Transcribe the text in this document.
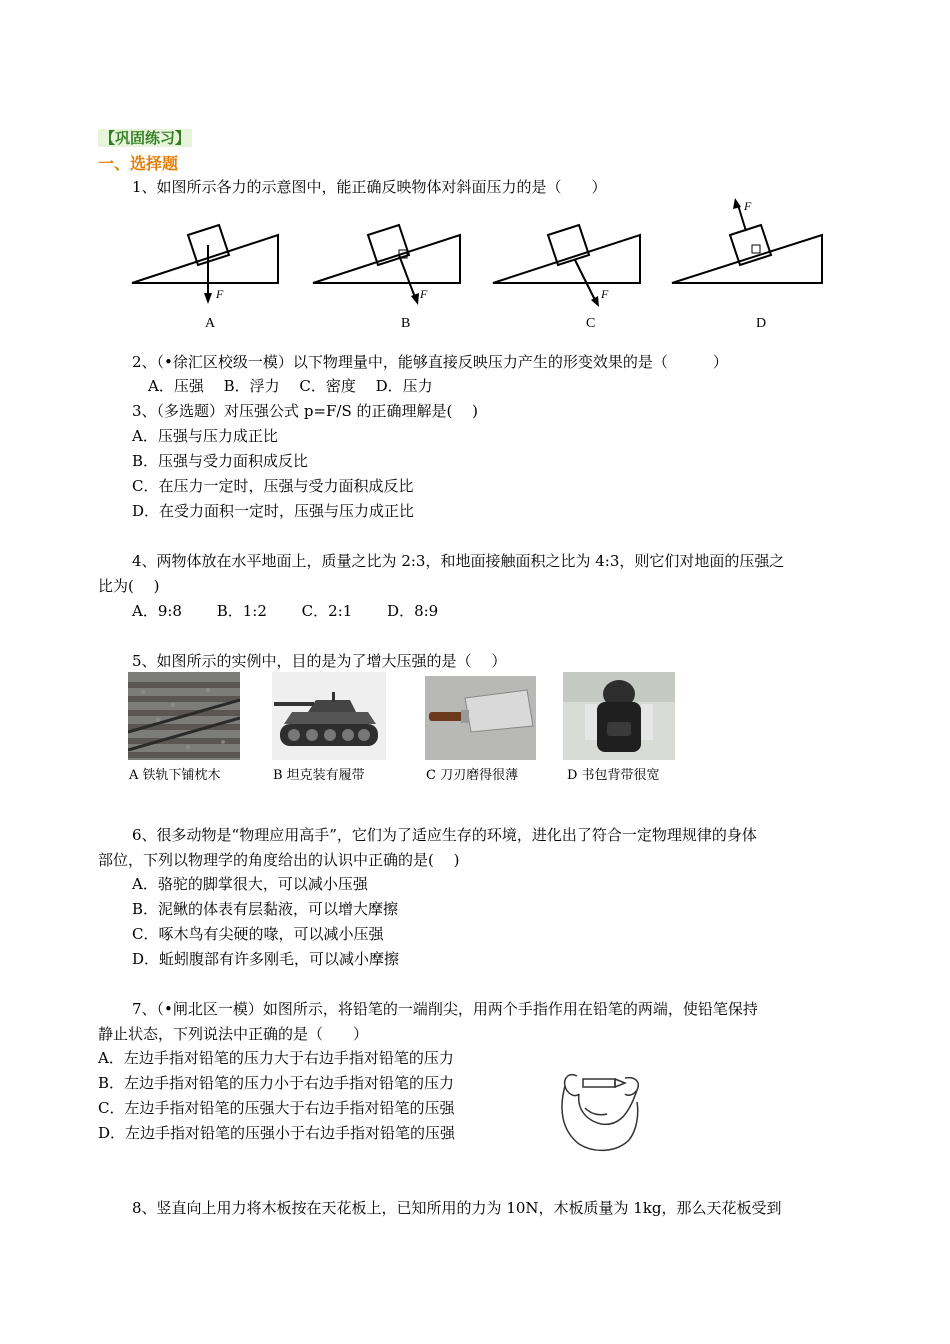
【巩固练习】
一、选择题
1、如图所示各力的示意图中，能正确反映物体对斜面压力的是（　　）
F	F	F
F
A	B	C	D
2、（•徐汇区校级一模）以下物理量中，能够直接反映压力产生的形变效果的是（　　　）
A．压强　 B．浮力　 C．密度　 D．压力
3、（多选题）对压强公式 p=F/S 的正确理解是(　 )
A．压强与压力成正比
B．压强与受力面积成反比
C．在压力一定时，压强与受力面积成反比
D．在受力面积一定时，压强与压力成正比
4、两物体放在水平地面上，质量之比为 2:3，和地面接触面积之比为 4:3，则它们对地面的压强之
比为(　 )
A．9:8　　 B．1:2　　 C．2:1　　 D．8:9
5、如图所示的实例中，目的是为了增大压强的是（　 ）
A 铁轨下铺枕木	B 坦克装有履带	C 刀刃磨得很薄	D 书包背带很宽
6、很多动物是“物理应用高手”，它们为了适应生存的环境，进化出了符合一定物理规律的身体
部位，下列以物理学的角度给出的认识中正确的是(　 )
A．骆驼的脚掌很大，可以减小压强
B．泥鳅的体表有层黏液，可以增大摩擦
C．啄木鸟有尖硬的喙，可以减小压强
D．蚯蚓腹部有许多刚毛，可以减小摩擦
7、（•闸北区一模）如图所示，将铅笔的一端削尖，用两个手指作用在铅笔的两端，使铅笔保持
静止状态，下列说法中正确的是（　　）
A．左边手指对铅笔的压力大于右边手指对铅笔的压力
B．左边手指对铅笔的压力小于右边手指对铅笔的压力
C．左边手指对铅笔的压强大于右边手指对铅笔的压强
D．左边手指对铅笔的压强小于右边手指对铅笔的压强
8、竖直向上用力将木板按在天花板上，已知所用的力为 10N，木板质量为 1kg，那么天花板受到
